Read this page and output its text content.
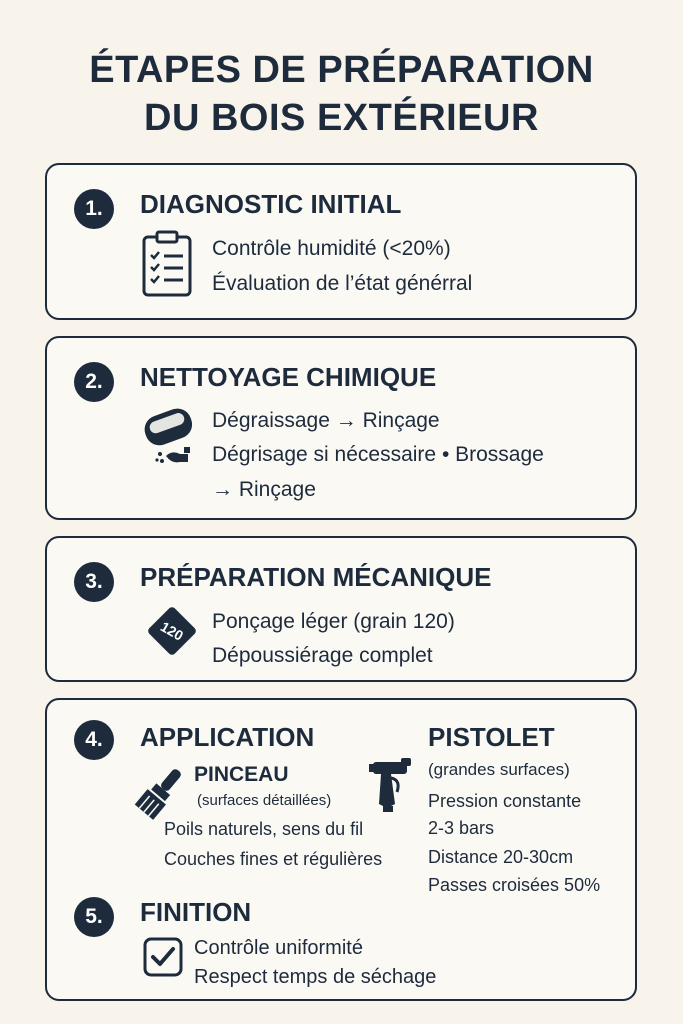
ÉTAPES DE PRÉPARATION
DU BOIS EXTÉRIEUR
1.	DIAGNOSTIC INITIAL
Contrôle humidité (<20%)
Évaluation de l’état générral
2.	NETTOYAGE CHIMIQUE
Dégraissage → Rinçage
Dégrisage si nécessaire • Brossage
→ Rinçage
3.	PRÉPARATION MÉCANIQUE
120 Ponçage léger (grain 120)
Dépoussiérage complet
4.	APPLICATION
PINCEAU
(surfaces détaillées)
Poils naturels, sens du fil
Couches fines et régulières
PISTOLET
(grandes surfaces)
Pression constante
2-3 bars
Distance 20-30cm
Passes croisées 50%
5.	FINITION
Contrôle uniformité
Respect temps de séchage
